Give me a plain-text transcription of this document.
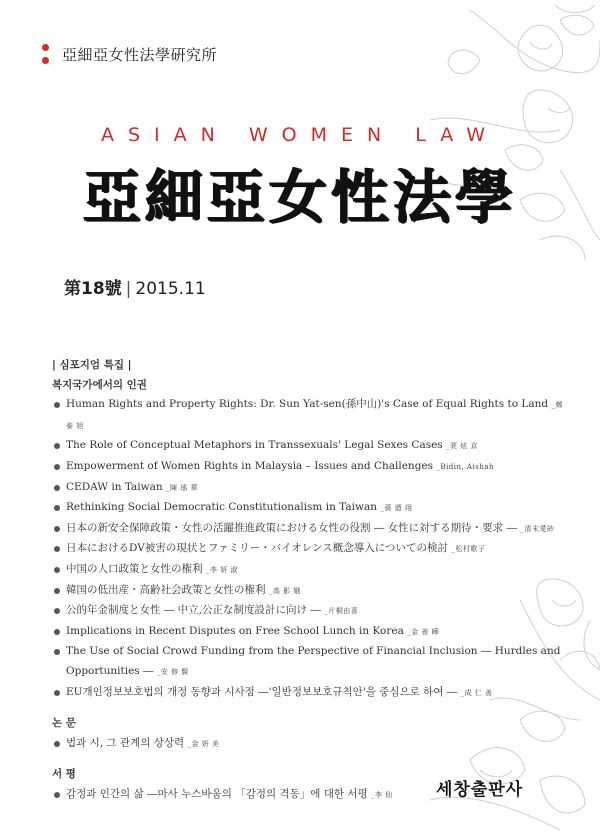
亞細亞女性法學硏究所
ASIAN WOMEN LAW
亞細亞女性法學
第18號 | 2015.11
| 심포지엄 특집 |
복지국가에서의 인권
Human Rights and Property Rights: Dr. Sun Yat-sen(孫中山)'s Case of Equal Rights to Land _鄭 泰 旭
The Role of Conceptual Metaphors in Transsexuals' Legal Sexes Cases _裵 炫 京
Empowerment of Women Rights in Malaysia – Issues and Challenges _Bidin, Aishah
CEDAW in Taiwan _陳 瑤 華
Rethinking Social Democratic Constitutionalism in Taiwan _孫 迺 翊
日本の新安全保障政策・女性の活躍推進政策における女性の役割 ― 女性に対する期待・要求 ― _清末愛砂
日本におけるDV被害の現状とファミリー・バイオレンス概念導入についての検討 _松村歌子
中国の人口政策と女性の権利 _李 妍 淑
韓国の低出産・高齢社会政策と女性の権利 _高 影 娥
公的年金制度と女性 ― 中立,公正な制度設計に向け ― _片桐由喜
Implications in Recent Disputes on Free School Lunch in Korea _金 善 曄
The Use of Social Crowd Funding from the Perspective of Financial Inclusion ― Hurdles and Opportunities ― _安 修 賢
EU개인정보보호법의 개정 동향과 시사점 ―'일반정보보호규칙안'을 중심으로 하여 ― _成 仁 善
논 문
법과 시, 그 관계의 상상력 _金 妍 美
서 평
감정과 인간의 삶 ―마사 누스바움의 「감정의 격동」에 대한 서평 _李 仙	세창출판사
